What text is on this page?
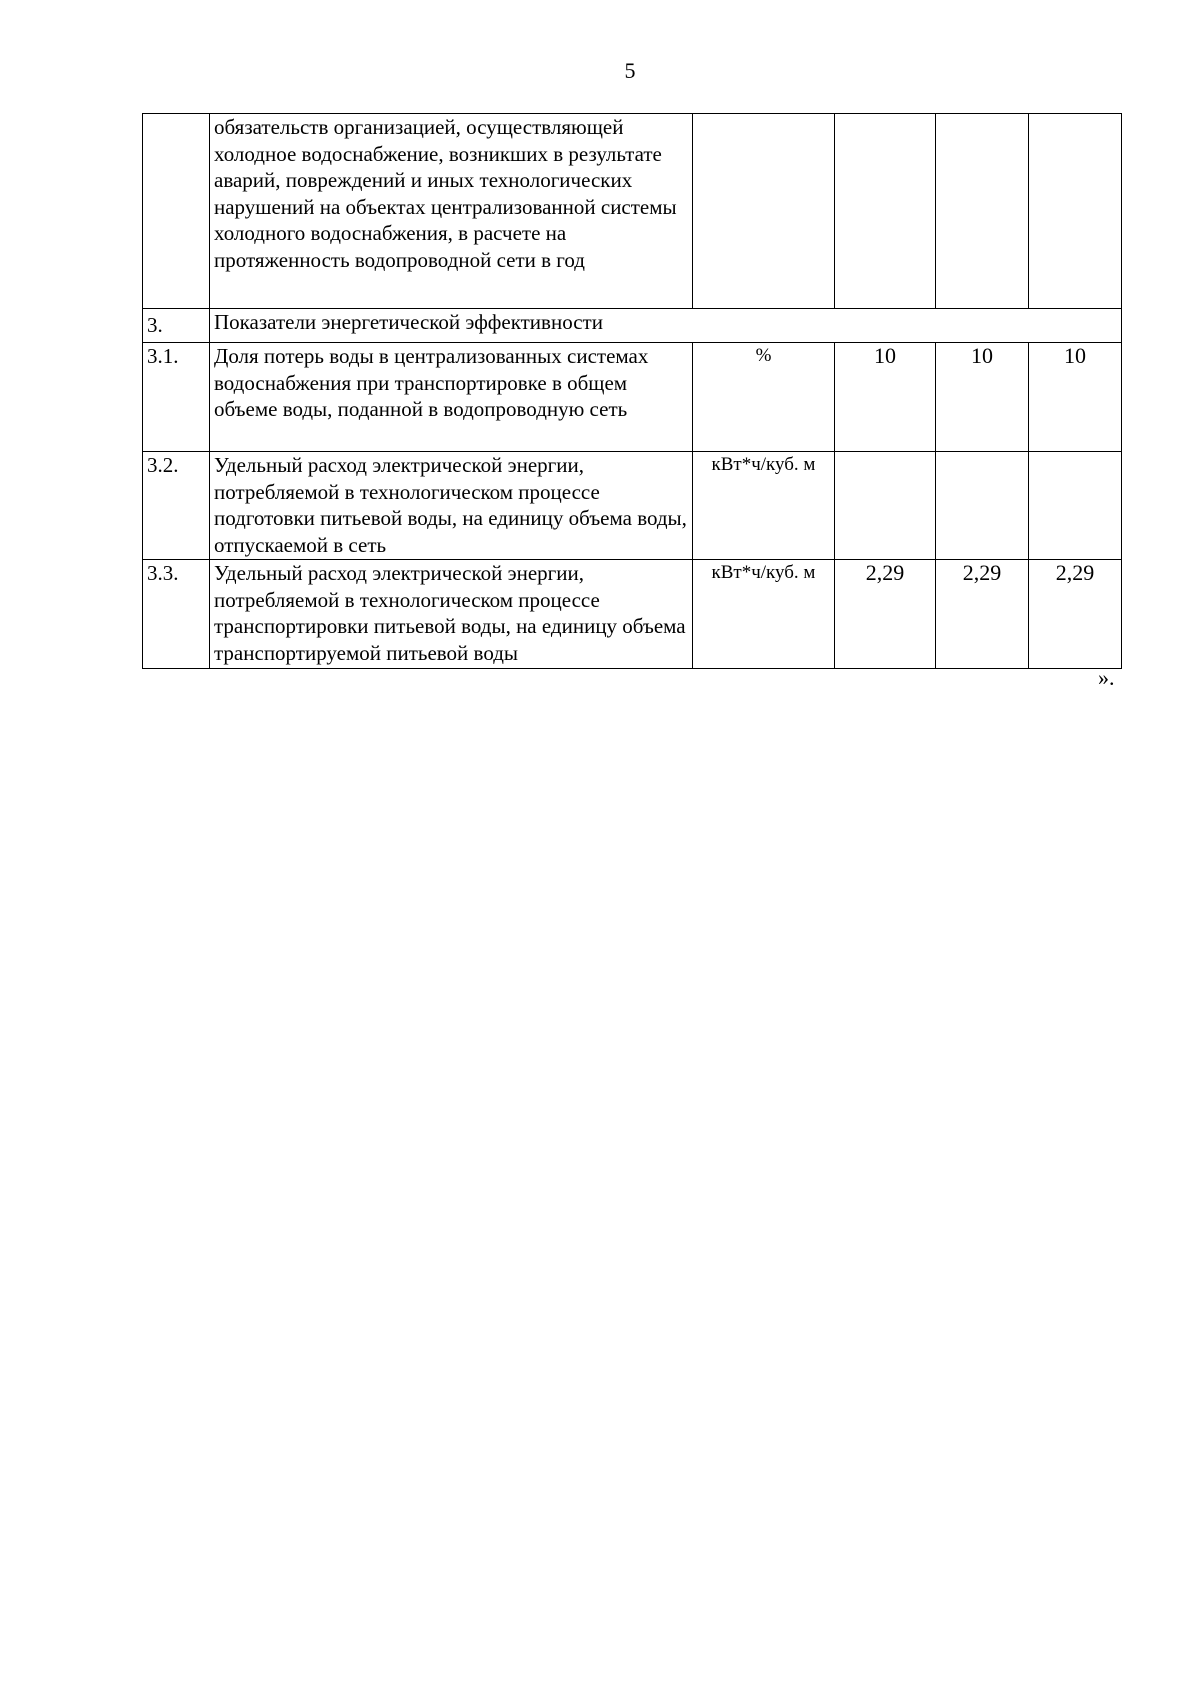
5
	обязательств организацией, осуществляющей холодное водоснабжение, возникших в результате аварий, повреждений и иных технологических нарушений на объектах централизованной системы холодного водоснабжения, в расчете на протяженность водопроводной сети в год				
3.	Показатели энергетической эффективности				
3.1.	Доля потерь воды в централизованных системах водоснабжения при транспортировке в общем объеме воды, поданной в водопроводную сеть	%	10	10	10
3.2.	Удельный расход электрической энергии, потребляемой в технологическом процессе подготовки питьевой воды, на единицу объема воды, отпускаемой в сеть	кВт*ч/куб. м			
3.3.	Удельный расход электрической энергии, потребляемой в технологическом процессе транспортировки питьевой воды, на единицу объема транспортируемой питьевой воды	кВт*ч/куб. м	2,29	2,29	2,29
».
